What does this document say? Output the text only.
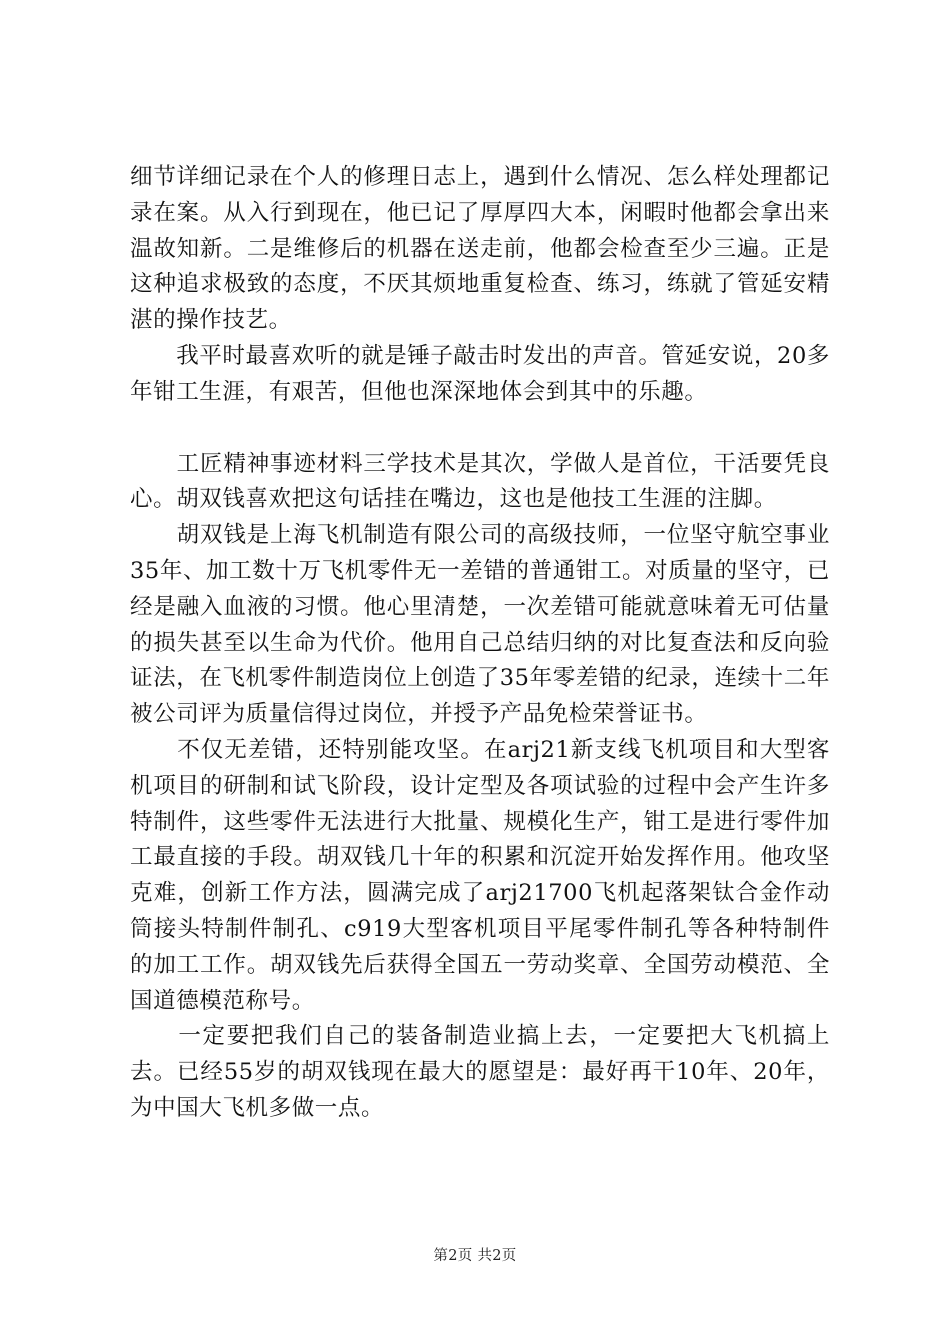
细节详细记录在个人的修理日志上，遇到什么情况、怎么样处理都记录在案。从入行到现在，他已记了厚厚四大本，闲暇时他都会拿出来温故知新。二是维修后的机器在送走前，他都会检查至少三遍。正是这种追求极致的态度，不厌其烦地重复检查、练习，练就了管延安精湛的操作技艺。

　　我平时最喜欢听的就是锤子敲击时发出的声音。管延安说，20多年钳工生涯，有艰苦，但他也深深地体会到其中的乐趣。

　　工匠精神事迹材料三学技术是其次，学做人是首位，干活要凭良心。胡双钱喜欢把这句话挂在嘴边，这也是他技工生涯的注脚。

　　胡双钱是上海飞机制造有限公司的高级技师，一位坚守航空事业35年、加工数十万飞机零件无一差错的普通钳工。对质量的坚守，已经是融入血液的习惯。他心里清楚，一次差错可能就意味着无可估量的损失甚至以生命为代价。他用自己总结归纳的对比复查法和反向验证法，在飞机零件制造岗位上创造了35年零差错的纪录，连续十二年被公司评为质量信得过岗位，并授予产品免检荣誉证书。

　　不仅无差错，还特别能攻坚。在arj21新支线飞机项目和大型客机项目的研制和试飞阶段，设计定型及各项试验的过程中会产生许多特制件，这些零件无法进行大批量、规模化生产，钳工是进行零件加工最直接的手段。胡双钱几十年的积累和沉淀开始发挥作用。他攻坚克难，创新工作方法，圆满完成了arj21700飞机起落架钛合金作动筒接头特制件制孔、c919大型客机项目平尾零件制孔等各种特制件的加工工作。胡双钱先后获得全国五一劳动奖章、全国劳动模范、全国道德模范称号。

　　一定要把我们自己的装备制造业搞上去，一定要把大飞机搞上去。已经55岁的胡双钱现在最大的愿望是：最好再干10年、20年，为中国大飞机多做一点。

第2页 共2页
